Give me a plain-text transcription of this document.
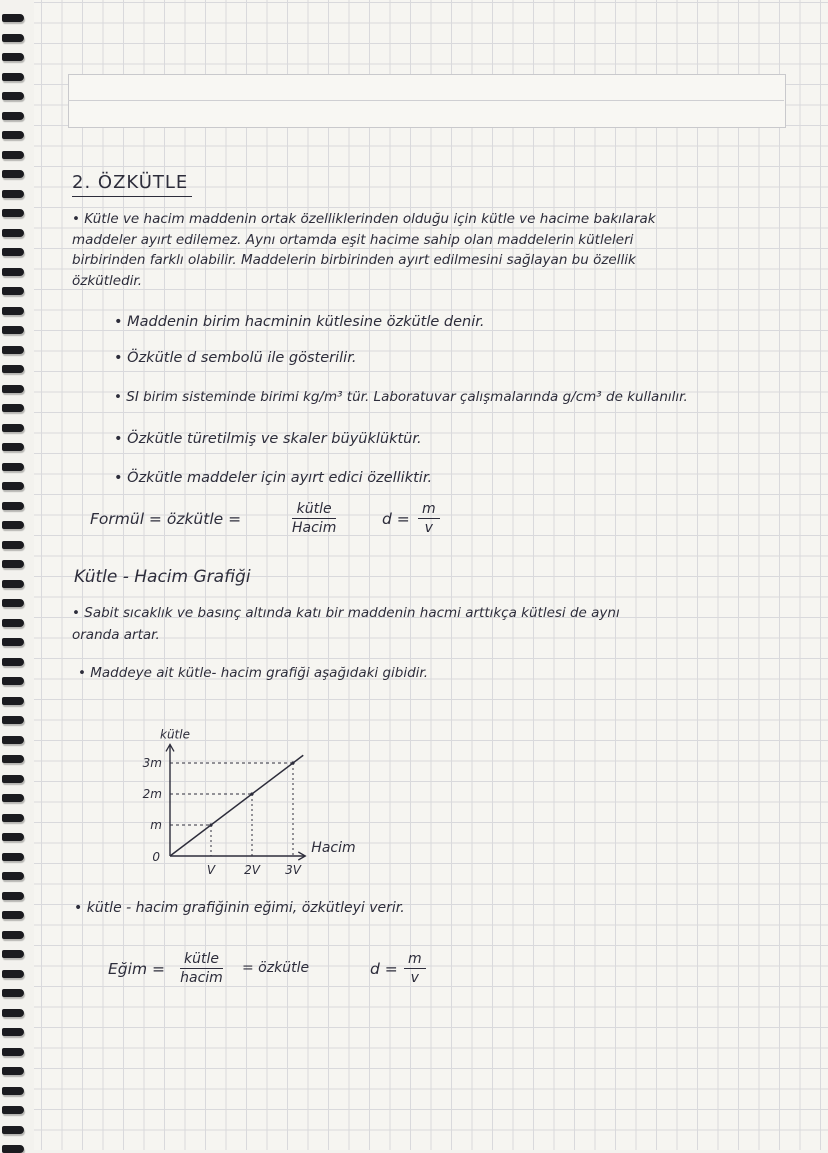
2. ÖZKÜTLE
• Kütle ve hacim maddenin ortak özelliklerinden olduğu için kütle ve hacime bakılarak
maddeler ayırt edilemez. Aynı ortamda eşit hacime sahip olan maddelerin kütleleri
birbirinden farklı olabilir. Maddelerin birbirinden ayırt edilmesini sağlayan bu özellik
özkütledir.
• Maddenin birim hacminin kütlesine özkütle denir.
• Özkütle d sembolü ile gösterilir.
• SI birim sisteminde birimi kg/m³ tür. Laboratuvar çalışmalarında g/cm³ de kullanılır.
• Özkütle türetilmiş ve skaler büyüklüktür.
• Özkütle maddeler için ayırt edici özelliktir.
Formül = özkütle =
kütle
Hacim	$d = \frac{m}{v}$
Kütle - Hacim Grafiği
• Sabit sıcaklık ve basınç altında katı bir maddenin hacmi arttıkça kütlesi de aynı
oranda artar.
• Maddeye ait kütle- hacim grafiği aşağıdaki gibidir.
V 2V 3V
m
2m
3m
0
Hacim
kütle
• kütle - hacim grafiğinin eğimi, özkütleyi verir.
Eğim =
kütle
hacim
= özkütle	$d = \frac{m}{v}$
